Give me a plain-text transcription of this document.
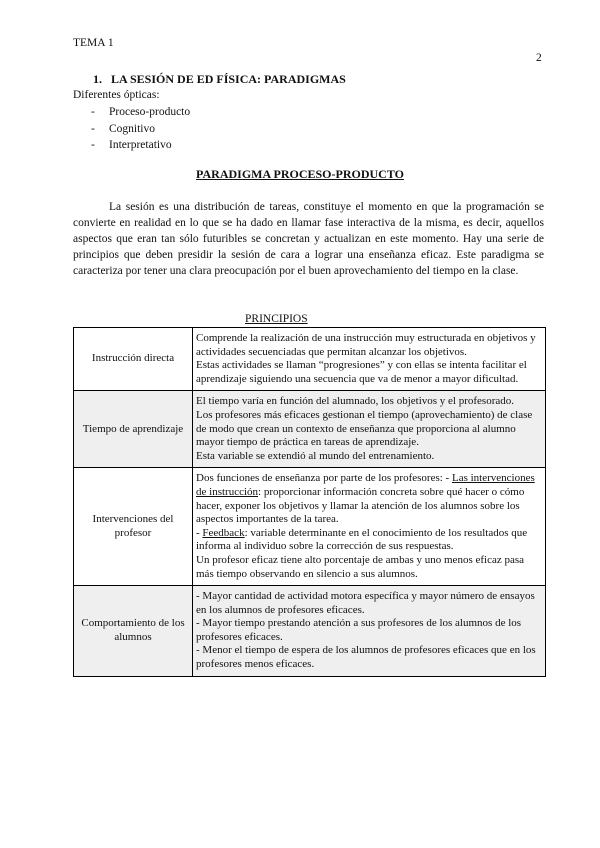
TEMA 1
2
1. LA SESIÓN DE ED FÍSICA: PARADIGMAS
Diferentes ópticas:
- Proceso-producto
- Cognitivo
- Interpretativo
PARADIGMA PROCESO-PRODUCTO

La sesión es una distribución de tareas, constituye el momento en que la programación se convierte en realidad en lo que se ha dado en llamar fase interactiva de la misma, es decir, aquellos aspectos que eran tan sólo futuribles se concretan y actualizan en este momento. Hay una serie de principios que deben presidir la sesión de cara a lograr una enseñanza eficaz. Este paradigma se caracteriza por tener una clara preocupación por el buen aprovechamiento del tiempo en la clase.

PRINCIPIOS
Instrucción directa	Comprende la realización de una instrucción muy estructurada en objetivos y actividades secuenciadas que permitan alcanzar los objetivos.

Estas actividades se llaman “progresiones” y con ellas se intenta facilitar el aprendizaje siguiendo una secuencia que va de menor a mayor dificultad.

Tiempo de aprendizaje	El tiempo varía en función del alumnado, los objetivos y el profesorado.

Los profesores más eficaces gestionan el tiempo (aprovechamiento) de clase de modo que crean un contexto de enseñanza que proporciona al alumno mayor tiempo de práctica en tareas de aprendizaje.

Esta variable se extendió al mundo del entrenamiento.

Intervenciones del profesor	Dos funciones de enseñanza por parte de los profesores: - Las intervenciones de instrucción: proporcionar información concreta sobre qué hacer o cómo hacer, exponer los objetivos y llamar la atención de los alumnos sobre los aspectos importantes de la tarea.

- Feedback: variable determinante en el conocimiento de los resultados que informa al individuo sobre la corrección de sus respuestas.

Un profesor eficaz tiene alto porcentaje de ambas y uno menos eficaz pasa más tiempo observando en silencio a sus alumnos.

Comportamiento de los alumnos	- Mayor cantidad de actividad motora específica y mayor número de ensayos en los alumnos de profesores eficaces.

- Mayor tiempo prestando atención a sus profesores de los alumnos de los profesores eficaces.

- Menor el tiempo de espera de los alumnos de profesores eficaces que en los profesores menos eficaces.
